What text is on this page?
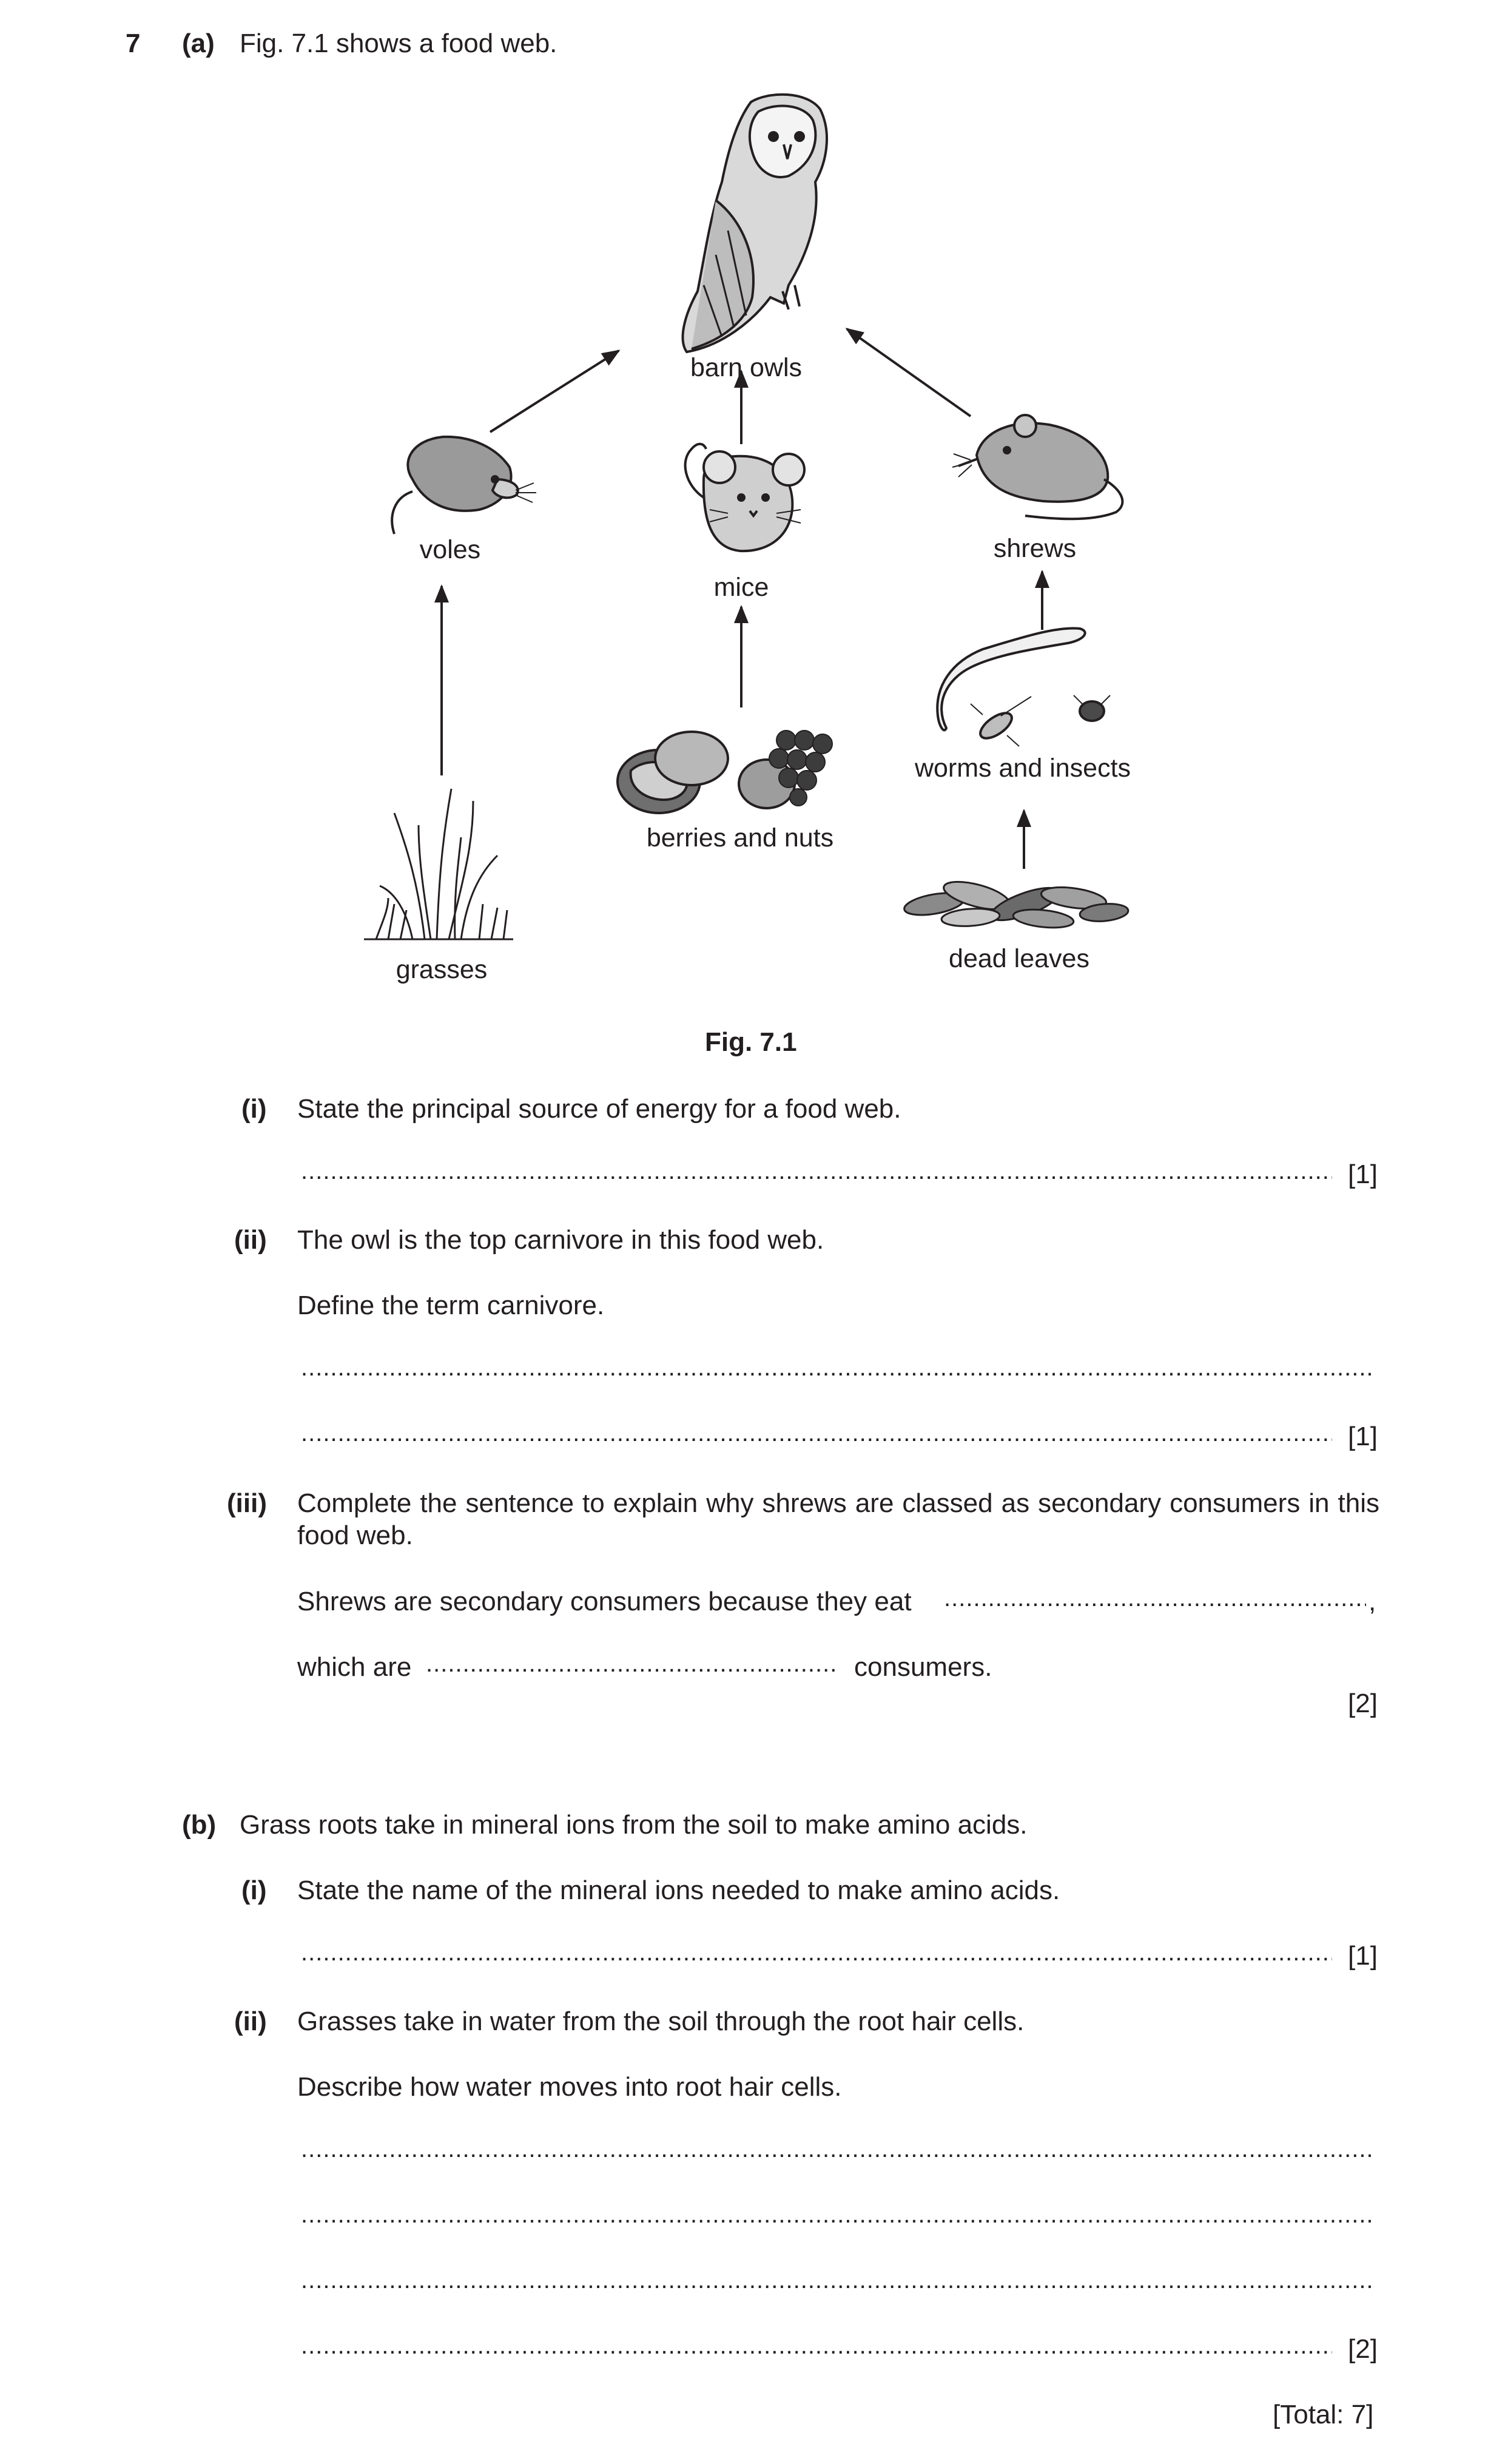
7 (a) Fig. 7.1 shows a food web.
barn owls
voles
mice
shrews
worms and insects
berries and nuts
grasses	dead leaves
Fig. 7.1
(i) State the principal source of energy for a food web.
.....
[1]
(ii) The owl is the top carnivore in this food web.
Define the term carnivore.
.....
.....
[1]
(iii) Complete the sentence to explain why shrews are classed as secondary consumers in this food web.
Shrews are secondary consumers because they eat .....	,
which are .....	consumers.
[2]
(b) Grass roots take in mineral ions from the soil to make amino acids.
(i) State the name of the mineral ions needed to make amino acids.
.....
[1]
(ii) Grasses take in water from the soil through the root hair cells.
Describe how water moves into root hair cells.
.....
.....
.....
.....
[2]
[Total: 7]
